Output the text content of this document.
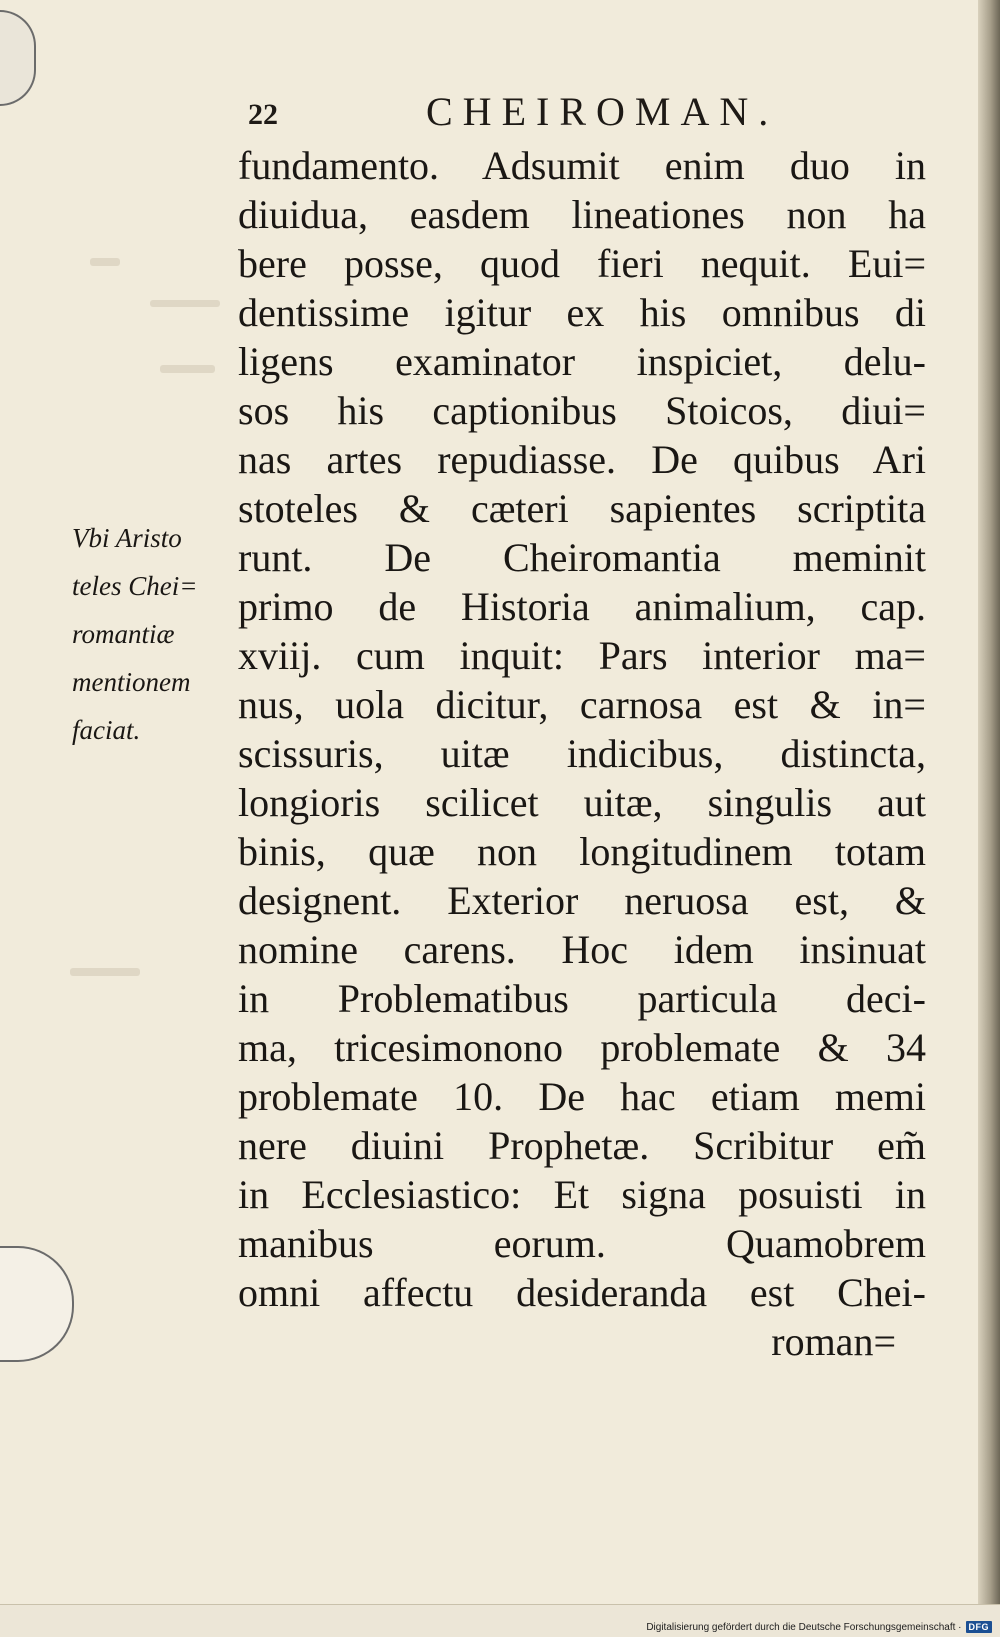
22	CHEIROMAN.
Vbi Aristo
teles Chei=
romantiæ
mentionem
faciat.
fundamento. Adsumit enim duo in
diuidua, easdem lineationes non ha
bere posse, quod fieri nequit. Eui=
dentissime igitur ex his omnibus di
ligens examinator inspiciet, delu-
sos his captionibus Stoicos, diui=
nas artes repudiasse. De quibus Ari
stoteles & cæteri sapientes scriptita
runt. De Cheiromantia meminit
primo de Historia animalium, cap.
xviij. cum inquit: Pars interior ma=
nus, uola dicitur, carnosa est & in=
scissuris, uitæ indicibus, distincta,
longioris scilicet uitæ, singulis aut
binis, quæ non longitudinem totam
designent. Exterior neruosa est, &
nomine carens. Hoc idem insinuat
in Problematibus particula deci-
ma, tricesimonono problemate & 34
problemate 10. De hac etiam memi
nere diuini Prophetæ. Scribitur em̃
in Ecclesiastico: Et signa posuisti in
manibus eorum. Quamobrem
omni affectu desideranda est Chei-
roman=
Digitalisierung gefördert durch die Deutsche Forschungsgemeinschaft · DFG
